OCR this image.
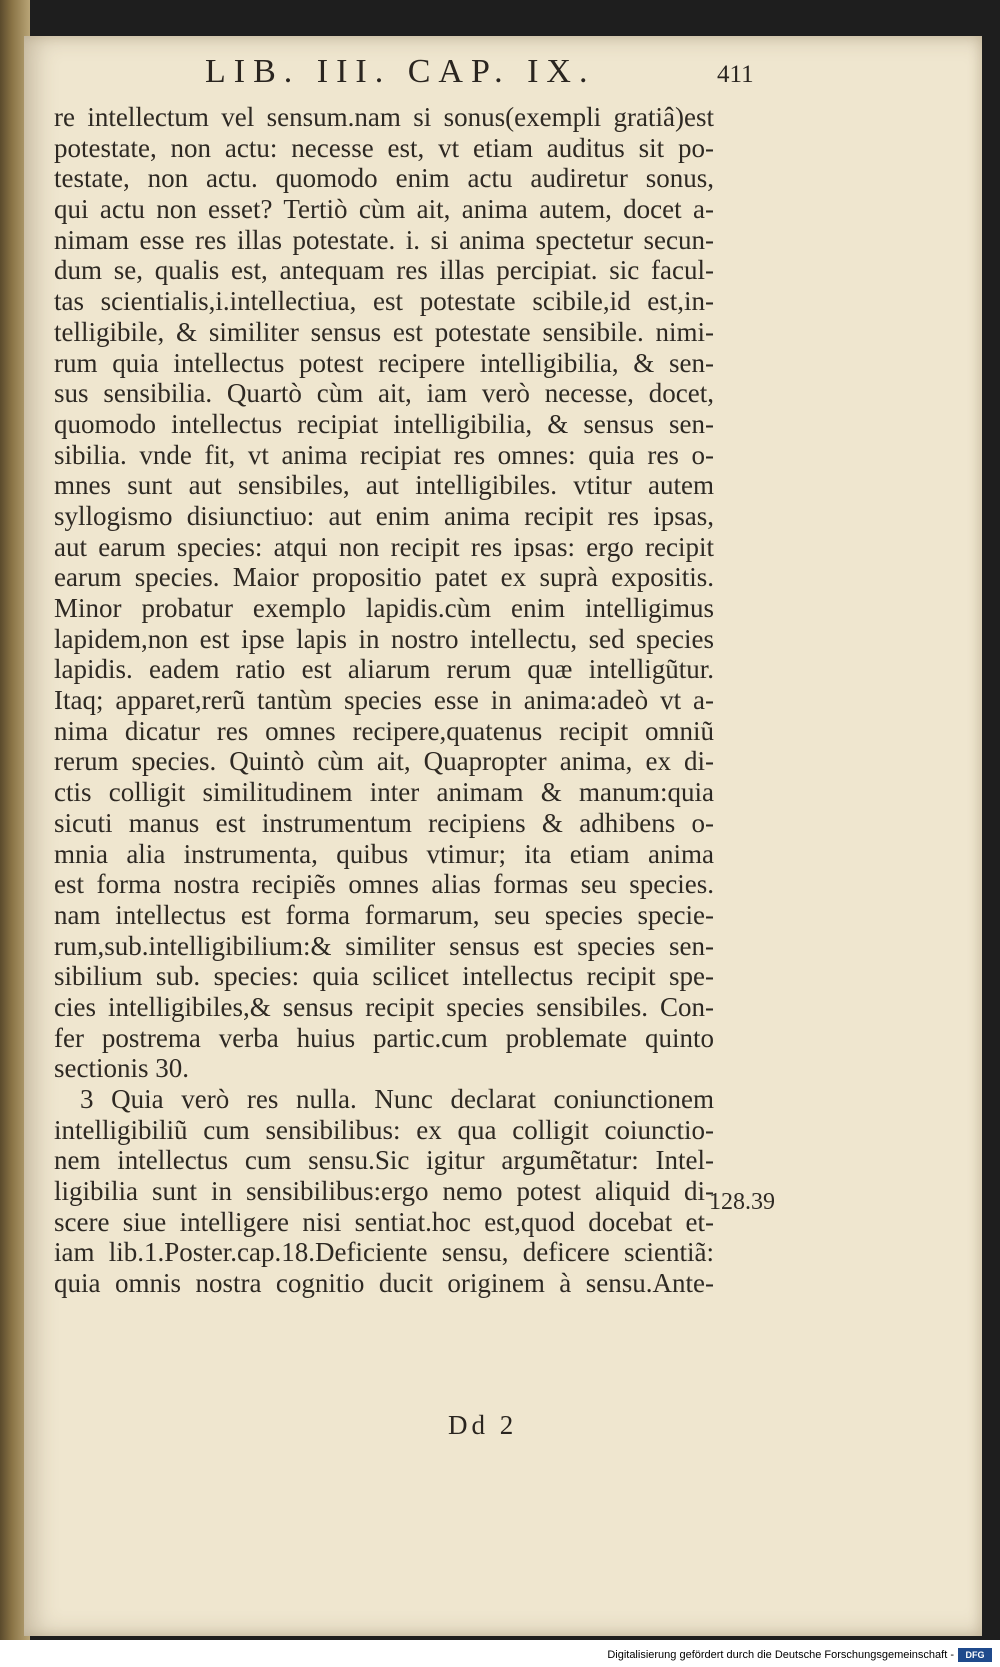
LIB. III. CAP. IX.	411
re intellectum vel sensum.nam si sonus(exempli gratiâ)est
potestate, non actu: necesse est, vt etiam auditus sit po-
testate, non actu. quomodo enim actu audiretur sonus,
qui actu non esset? Tertiò cùm ait, anima autem, docet a-
nimam esse res illas potestate. i. si anima spectetur secun-
dum se, qualis est, antequam res illas percipiat. sic facul-
tas scientialis,i.intellectiua, est potestate scibile,id est,in-
telligibile, & similiter sensus est potestate sensibile. nimi-
rum quia intellectus potest recipere intelligibilia, & sen-
sus sensibilia. Quartò cùm ait, iam verò necesse, docet,
quomodo intellectus recipiat intelligibilia, & sensus sen-
sibilia. vnde fit, vt anima recipiat res omnes: quia res o-
mnes sunt aut sensibiles, aut intelligibiles. vtitur autem
syllogismo disiunctiuo: aut enim anima recipit res ipsas,
aut earum species: atqui non recipit res ipsas: ergo recipit
earum species. Maior propositio patet ex suprà expositis.
Minor probatur exemplo lapidis.cùm enim intelligimus
lapidem,non est ipse lapis in nostro intellectu, sed species
lapidis. eadem ratio est aliarum rerum quæ intelligũtur.
Itaq; apparet,rerũ tantùm species esse in anima:adeò vt a-
nima dicatur res omnes recipere,quatenus recipit omniũ
rerum species. Quintò cùm ait, Quapropter anima, ex di-
ctis colligit similitudinem inter animam & manum:quia
sicuti manus est instrumentum recipiens & adhibens o-
mnia alia instrumenta, quibus vtimur; ita etiam anima
est forma nostra recipiẽs omnes alias formas seu species.
nam intellectus est forma formarum, seu species specie-
rum,sub.intelligibilium:& similiter sensus est species sen-
sibilium sub. species: quia scilicet intellectus recipit spe-
cies intelligibiles,& sensus recipit species sensibiles. Con-
fer postrema verba huius partic.cum problemate quinto
sectionis 30.
3 Quia verò res nulla. Nunc declarat coniunctionem
intelligibiliũ cum sensibilibus: ex qua colligit coiunctio-
nem intellectus cum sensu.Sic igitur argumẽtatur: Intel-
ligibilia sunt in sensibilibus:ergo nemo potest aliquid di-
scere siue intelligere nisi sentiat.hoc est,quod docebat et-
iam lib.1.Poster.cap.18.Deficiente sensu, deficere scientiã:
quia omnis nostra cognitio ducit originem à sensu.Ante-
128.39
Dd 2
Digitalisierung gefördert durch die Deutsche Forschungsgemeinschaft -	DFG
